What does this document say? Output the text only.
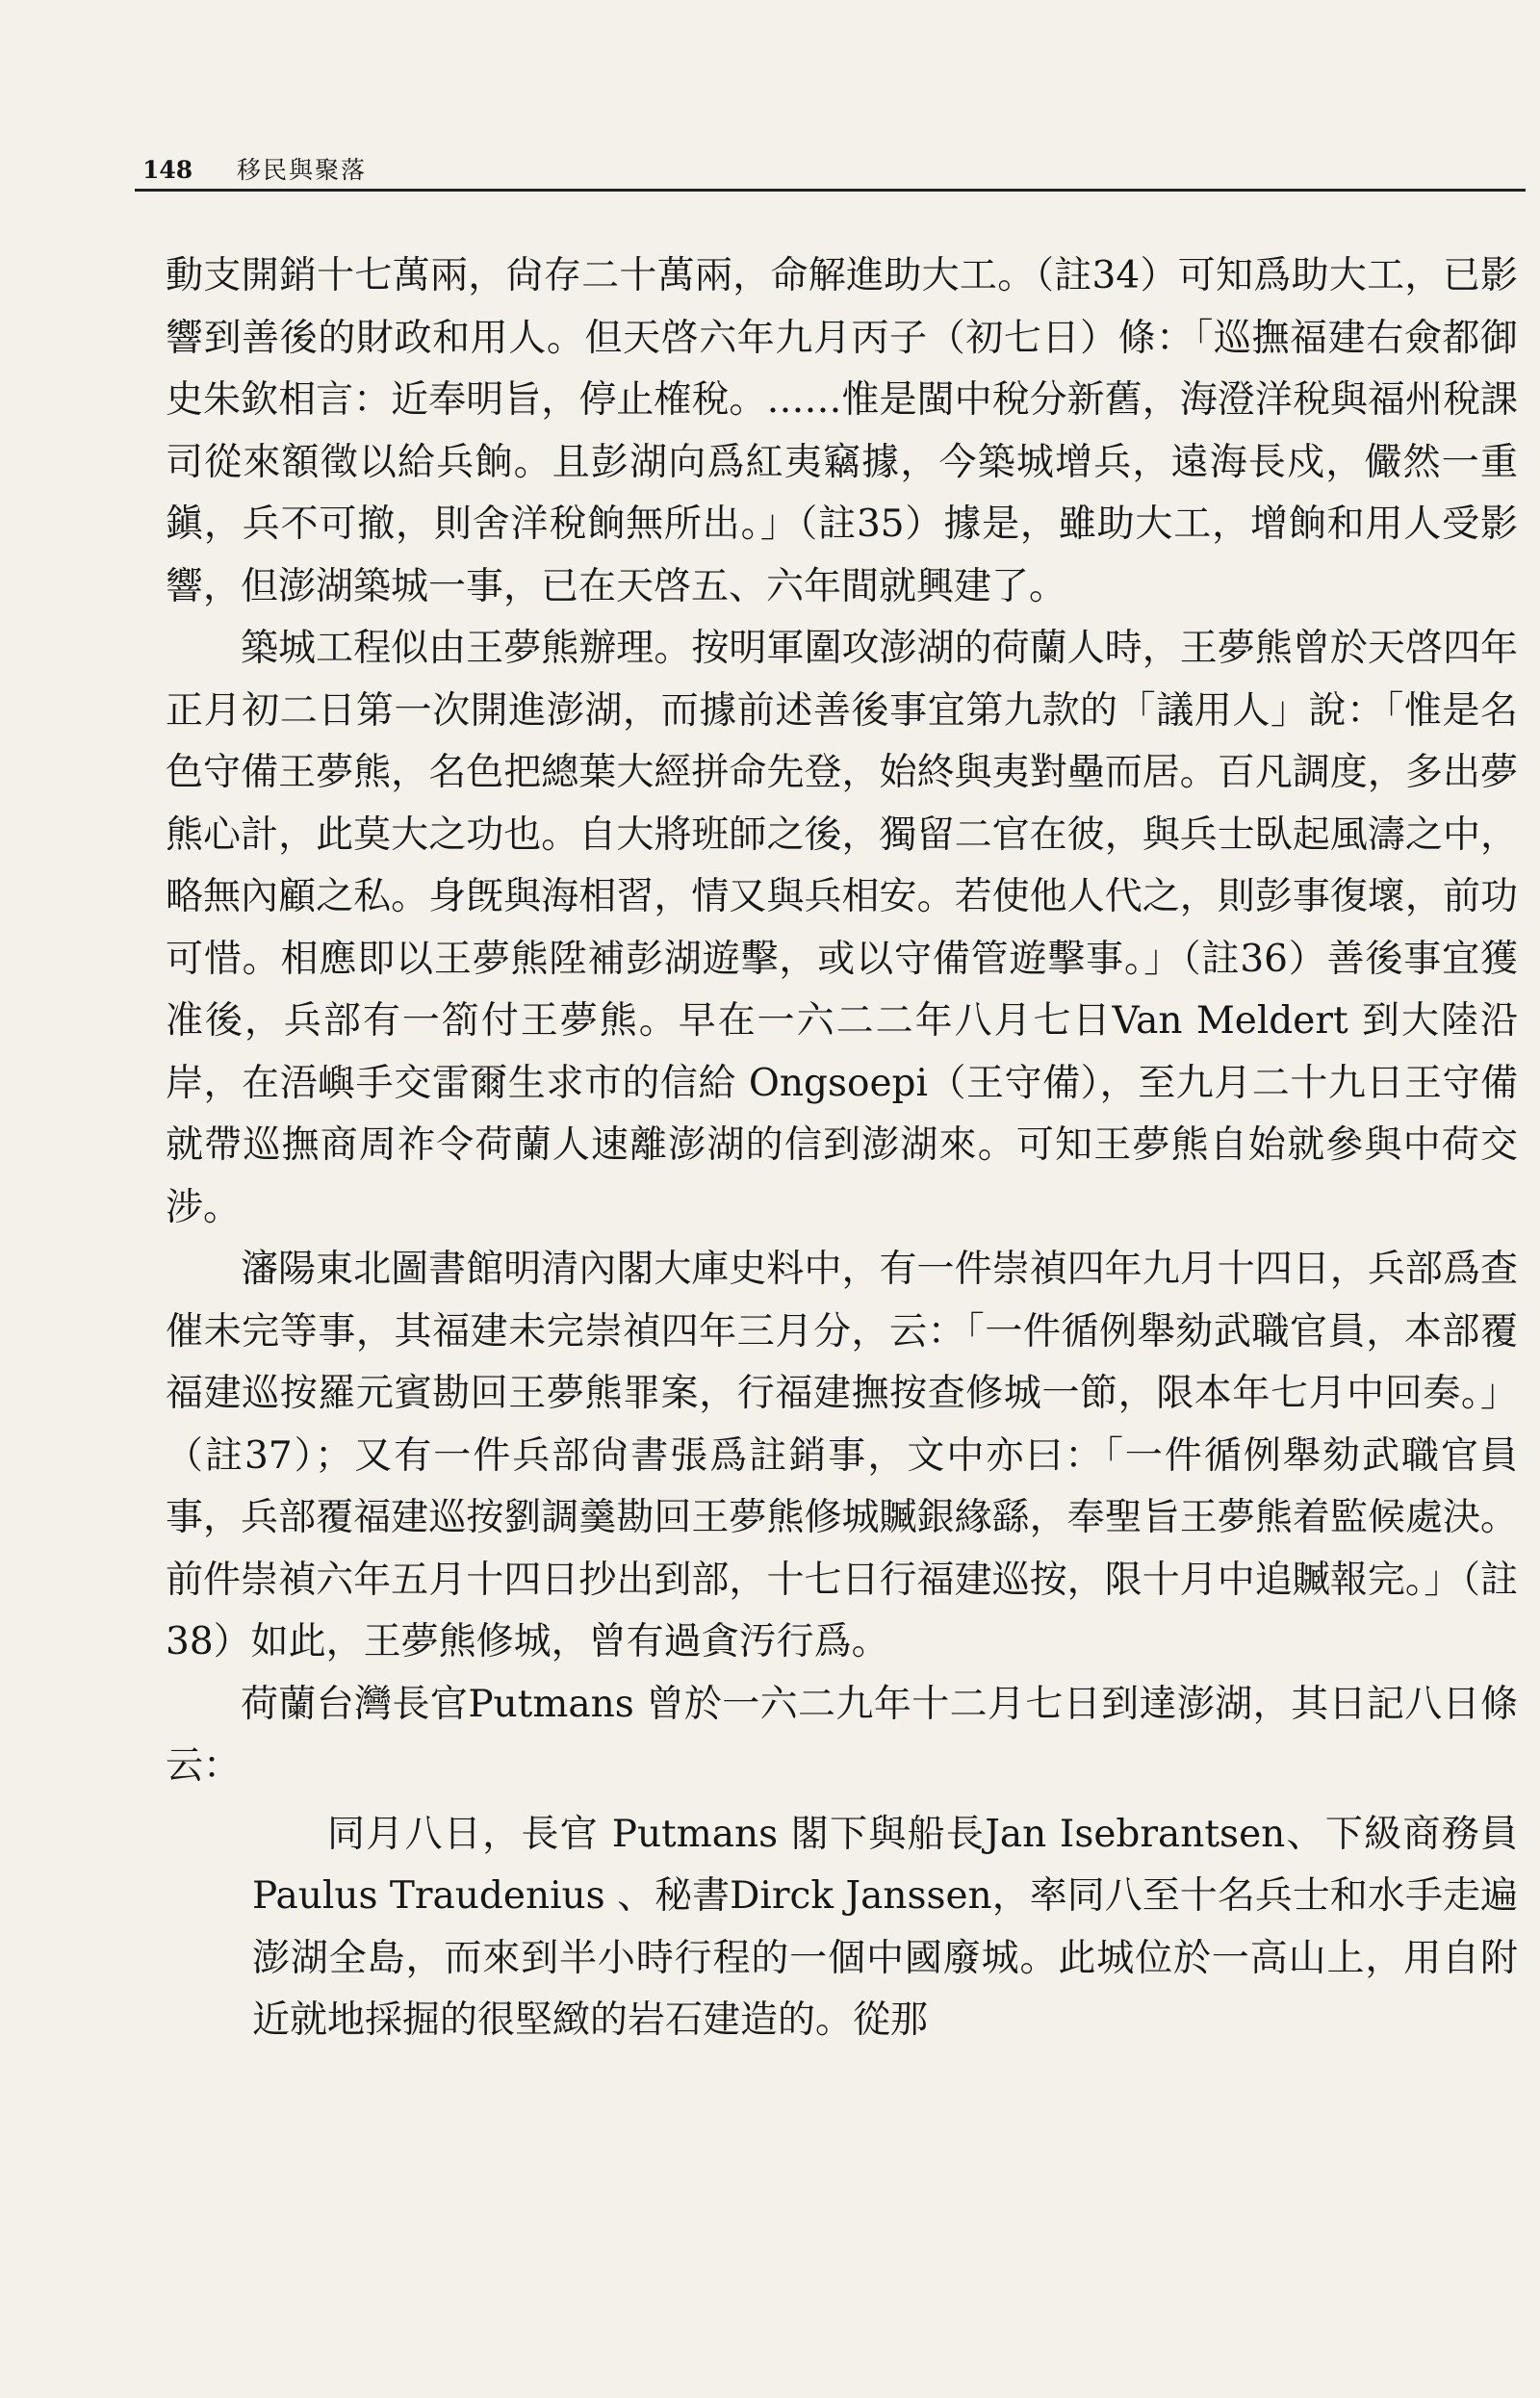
148 移民與聚落

動支開銷十七萬兩，尙存二十萬兩，命解進助大工。（註34）可知爲助大工，已影響到善後的財政和用人。但天啓六年九月丙子（初七日）條：「巡撫福建右僉都御史朱欽相言：近奉明旨，停止榷稅。……惟是閩中稅分新舊，海澄洋稅與福州稅課司從來額徵以給兵餉。且彭湖向爲紅夷竊據，今築城增兵，遠海長戍，儼然一重鎭，兵不可撤，則舍洋稅餉無所出。」（註35）據是，雖助大工，增餉和用人受影響，但澎湖築城一事，已在天啓五、六年間就興建了。

築城工程似由王夢熊辦理。按明軍圍攻澎湖的荷蘭人時，王夢熊曾於天啓四年正月初二日第一次開進澎湖，而據前述善後事宜第九款的「議用人」說：「惟是名色守備王夢熊，名色把總葉大經拼命先登，始終與夷對壘而居。百凡調度，多出夢熊心計，此莫大之功也。自大將班師之後，獨留二官在彼，與兵士臥起風濤之中，略無內顧之私。身旣與海相習，情又與兵相安。若使他人代之，則彭事復壞，前功可惜。相應即以王夢熊陞補彭湖遊擊，或以守備管遊擊事。」（註36）善後事宜獲准後，兵部有一箚付王夢熊。早在一六二二年八月七日Van Meldert 到大陸沿岸，在浯嶼手交雷爾生求市的信給 Ongsoepi（王守備），至九月二十九日王守備就帶巡撫商周祚令荷蘭人速離澎湖的信到澎湖來。可知王夢熊自始就參與中荷交涉。

瀋陽東北圖書館明清內閣大庫史料中，有一件崇禎四年九月十四日，兵部爲查催未完等事，其福建未完崇禎四年三月分，云：「一件循例舉劾武職官員，本部覆福建巡按羅元賓勘回王夢熊罪案，行福建撫按查修城一節，限本年七月中回奏。」（註37）；又有一件兵部尙書張爲註銷事，文中亦曰：「一件循例舉劾武職官員事，兵部覆福建巡按劉調羹勘回王夢熊修城贓銀緣繇，奉聖旨王夢熊着監候處決。前件崇禎六年五月十四日抄出到部，十七日行福建巡按，限十月中追贓報完。」（註38）如此，王夢熊修城，曾有過貪汚行爲。

荷蘭台灣長官Putmans 曾於一六二九年十二月七日到達澎湖，其日記八日條云：

同月八日，長官 Putmans 閣下與船長Jan Isebrantsen、下級商務員Paulus Traudenius 、秘書Dirck Janssen，率同八至十名兵士和水手走遍澎湖全島，而來到半小時行程的一個中國廢城。此城位於一高山上，用自附近就地採掘的很堅緻的岩石建造的。從那
